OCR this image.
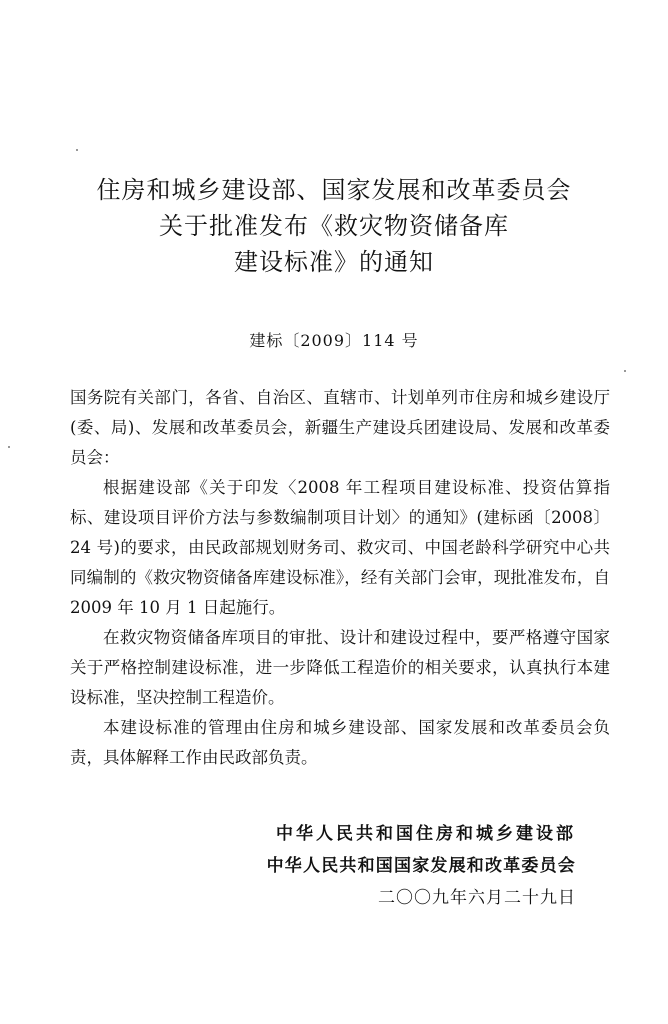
住房和城乡建设部、国家发展和改革委员会
关于批准发布《救灾物资储备库
建设标准》的通知
建标〔2009〕114 号

国务院有关部门，各省、自治区、直辖市、计划单列市住房和城乡建设厅(委、局)、发展和改革委员会，新疆生产建设兵团建设局、发展和改革委员会：

根据建设部《关于印发〈2008 年工程项目建设标准、投资估算指标、建设项目评价方法与参数编制项目计划〉的通知》(建标函〔2008〕24 号)的要求，由民政部规划财务司、救灾司、中国老龄科学研究中心共同编制的《救灾物资储备库建设标准》，经有关部门会审，现批准发布，自 2009 年 10 月 1 日起施行。

在救灾物资储备库项目的审批、设计和建设过程中，要严格遵守国家关于严格控制建设标准，进一步降低工程造价的相关要求，认真执行本建设标准，坚决控制工程造价。

本建设标准的管理由住房和城乡建设部、国家发展和改革委员会负责，具体解释工作由民政部负责。

中华人民共和国住房和城乡建设部
中华人民共和国国家发展和改革委员会
二〇〇九年六月二十九日
